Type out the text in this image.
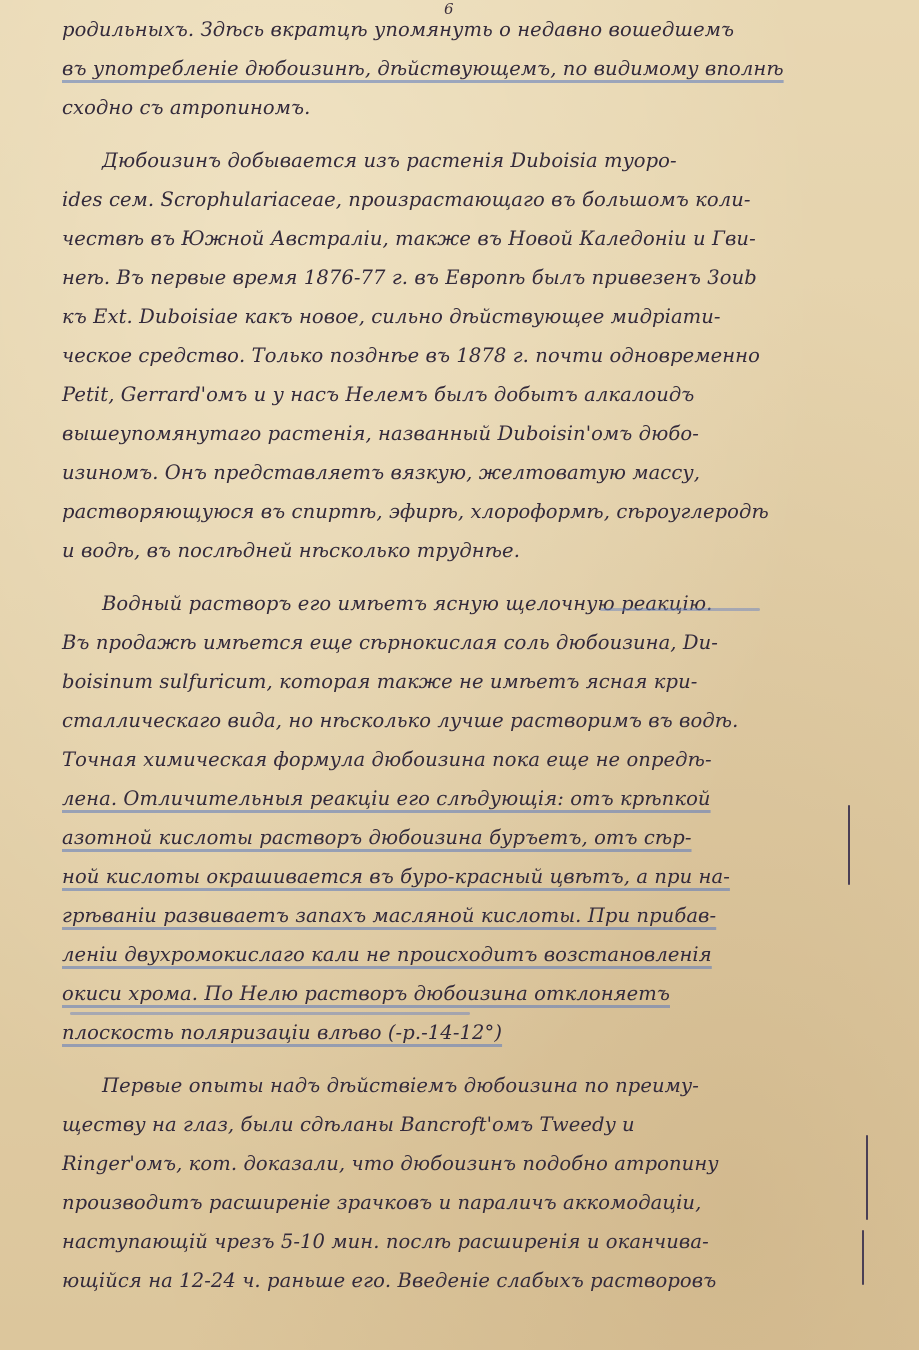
6
родильныхъ. Здѣсь вкратцѣ упомянуть о недавно вошедшемъ
въ употребленіе дюбоизинѣ, дѣйствующемъ, по видимому вполнѣ
сходно съ атропиномъ.
Дюбоизинъ добывается изъ растенія Dubоisia myopo-
ides сем. Scrophulariaceae, произрастающаго въ большомъ коли-
чествѣ въ Южной Австраліи, также въ Новой Каледоніи и Гви-
неѣ. Въ первые время 1876-77 г. въ Европѣ былъ привезенъ 3oub
къ Ext. Duboisiae какъ новое, сильно дѣйствующее мидріати-
ческое средство. Только позднѣе въ 1878 г. почти одновременно
Petit, Gerrard'омъ и у насъ Нелемъ былъ добытъ алкалоидъ
вышеупомянутаго растенія, названный Duboisin'омъ дюбо-
изиномъ. Онъ представляетъ вязкую, желтоватую массу,
растворяющуюся въ спиртѣ, эфирѣ, хлороформѣ, сѣроуглеродѣ
и водѣ, въ послѣдней нѣсколько труднѣе.
Водный растворъ его имѣетъ ясную щелочную реакцію.
Въ продажѣ имѣется еще сѣрнокислая соль дюбоизина, Du-
boisinum sulfuricum, которая также не имѣетъ ясная кри-
сталлическаго вида, но нѣсколько лучше растворимъ въ водѣ.
Точная химическая формула дюбоизина пока еще не опредѣ-
лена. Отличительныя реакціи его слѣдующія: отъ крѣпкой
азотной кислоты растворъ дюбоизина буръетъ, отъ сѣр-
ной кислоты окрашивается въ буро-красный цвѣтъ, а при на-
грѣваніи развиваетъ запахъ масляной кислоты. При прибав-
леніи двухромокислаго кали не происходитъ возстановленія
окиси хрома. По Нелю растворъ дюбоизина отклоняетъ
плоскость поляризаціи влѣво (-р.-14-12°)
Первые опыты надъ дѣйствіемъ дюбоизина по преиму-
ществу на глаз, были сдѣланы Bancroft'омъ Tweedy и
Ringer'омъ, кот. доказали, что дюбоизинъ подобно атропину
производитъ расширеніе зрачковъ и параличъ аккомодаціи,
наступающій чрезъ 5-10 мин. послѣ расширенія и оканчива-
ющійся на 12-24 ч. раньше его. Введеніе слабыхъ растворовъ
